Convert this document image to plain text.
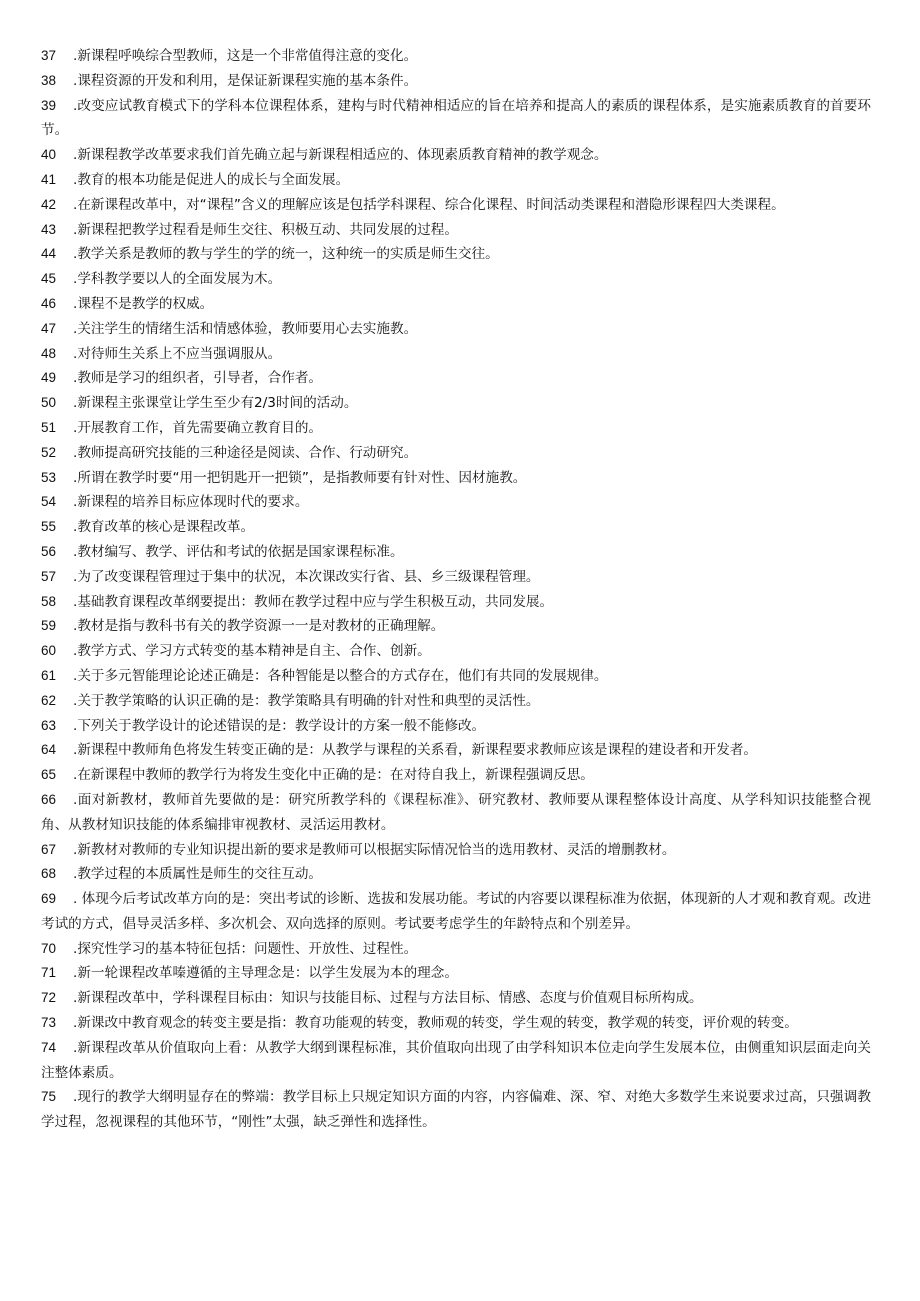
37 .新课程呼唤综合型教师，这是一个非常值得注意的变化。

38 .课程资源的开发和利用，是保证新课程实施的基本条件。

39 .改变应试教育模式下的学科本位课程体系，建构与时代精神相适应的旨在培养和提高人的素质的课程体系，是实施素质教育的首要环节。

40 .新课程教学改革要求我们首先确立起与新课程相适应的、体现素质教育精神的教学观念。

41 .教育的根本功能是促进人的成长与全面发展。

42 .在新课程改革中，对“课程”含义的理解应该是包括学科课程、综合化课程、时间活动类课程和潜隐形课程四大类课程。

43 .新课程把教学过程看是师生交往、积极互动、共同发展的过程。

44 .教学关系是教师的教与学生的学的统一，这种统一的实质是师生交往。

45 .学科教学要以人的全面发展为木。

46 .课程不是教学的权威。

47 .关注学生的情绪生活和情感体验，教师要用心去实施教。

48 .对待师生关系上不应当强调服从。

49 .教师是学习的组织者，引导者，合作者。

50 .新课程主张课堂让学生至少有2/3时间的活动。

51 .开展教育工作，首先需要确立教育目的。

52 .教师提高研究技能的三种途径是阅读、合作、行动研究。

53 .所谓在教学时要“用一把钥匙开一把锁”，是指教师要有针对性、因材施教。

54 .新课程的培养目标应体现时代的要求。

55 .教育改革的核心是课程改革。

56 .教材编写、教学、评估和考试的依据是国家课程标准。

57 .为了改变课程管理过于集中的状况，本次课改实行省、县、乡三级课程管理。

58 .基础教育课程改革纲要提出：教师在教学过程中应与学生积极互动，共同发展。

59 .教材是指与教科书有关的教学资源一一是对教材的正确理解。

60 .教学方式、学习方式转变的基本精神是自主、合作、创新。

61 .关于多元智能理论论述正确是：各种智能是以整合的方式存在，他们有共同的发展规律。

62 .关于教学策略的认识正确的是：教学策略具有明确的针对性和典型的灵活性。

63 .下列关于教学设计的论述错误的是：教学设计的方案一般不能修改。

64 .新课程中教师角色将发生转变正确的是：从教学与课程的关系看，新课程要求教师应该是课程的建设者和开发者。

65 .在新课程中教师的教学行为将发生变化中正确的是：在对待自我上，新课程强调反思。

66 .面对新教材，教师首先要做的是：研究所教学科的《课程标准》、研究教材、教师要从课程整体设计高度、从学科知识技能整合视角、从教材知识技能的体系编排审视教材、灵活运用教材。

67 .新教材对教师的专业知识提出新的要求是教师可以根据实际情况恰当的选用教材、灵活的增删教材。

68 .教学过程的本质属性是师生的交往互动。

69 . 体现今后考试改革方向的是：突出考试的诊断、选拔和发展功能。考试的内容要以课程标准为依据，体现新的人才观和教育观。改进考试的方式，倡导灵活多样、多次机会、双向选择的原则。考试要考虑学生的年龄特点和个别差异。

70 .探究性学习的基本特征包括：问题性、开放性、过程性。

71 .新一轮课程改革嗪遵循的主导理念是：以学生发展为本的理念。

72 .新课程改革中，学科课程目标由：知识与技能目标、过程与方法目标、情感、态度与价值观目标所构成。

73 .新课改中教育观念的转变主要是指：教育功能观的转变，教师观的转变，学生观的转变，教学观的转变，评价观的转变。

74 .新课程改革从价值取向上看：从教学大纲到课程标准，其价值取向出现了由学科知识本位走向学生发展本位，由侧重知识层面走向关注整体素质。

75 .现行的教学大纲明显存在的弊端：教学目标上只规定知识方面的内容，内容偏难、深、窄、对绝大多数学生来说要求过高，只强调教学过程，忽视课程的其他环节，“刚性”太强，缺乏弹性和选择性。
